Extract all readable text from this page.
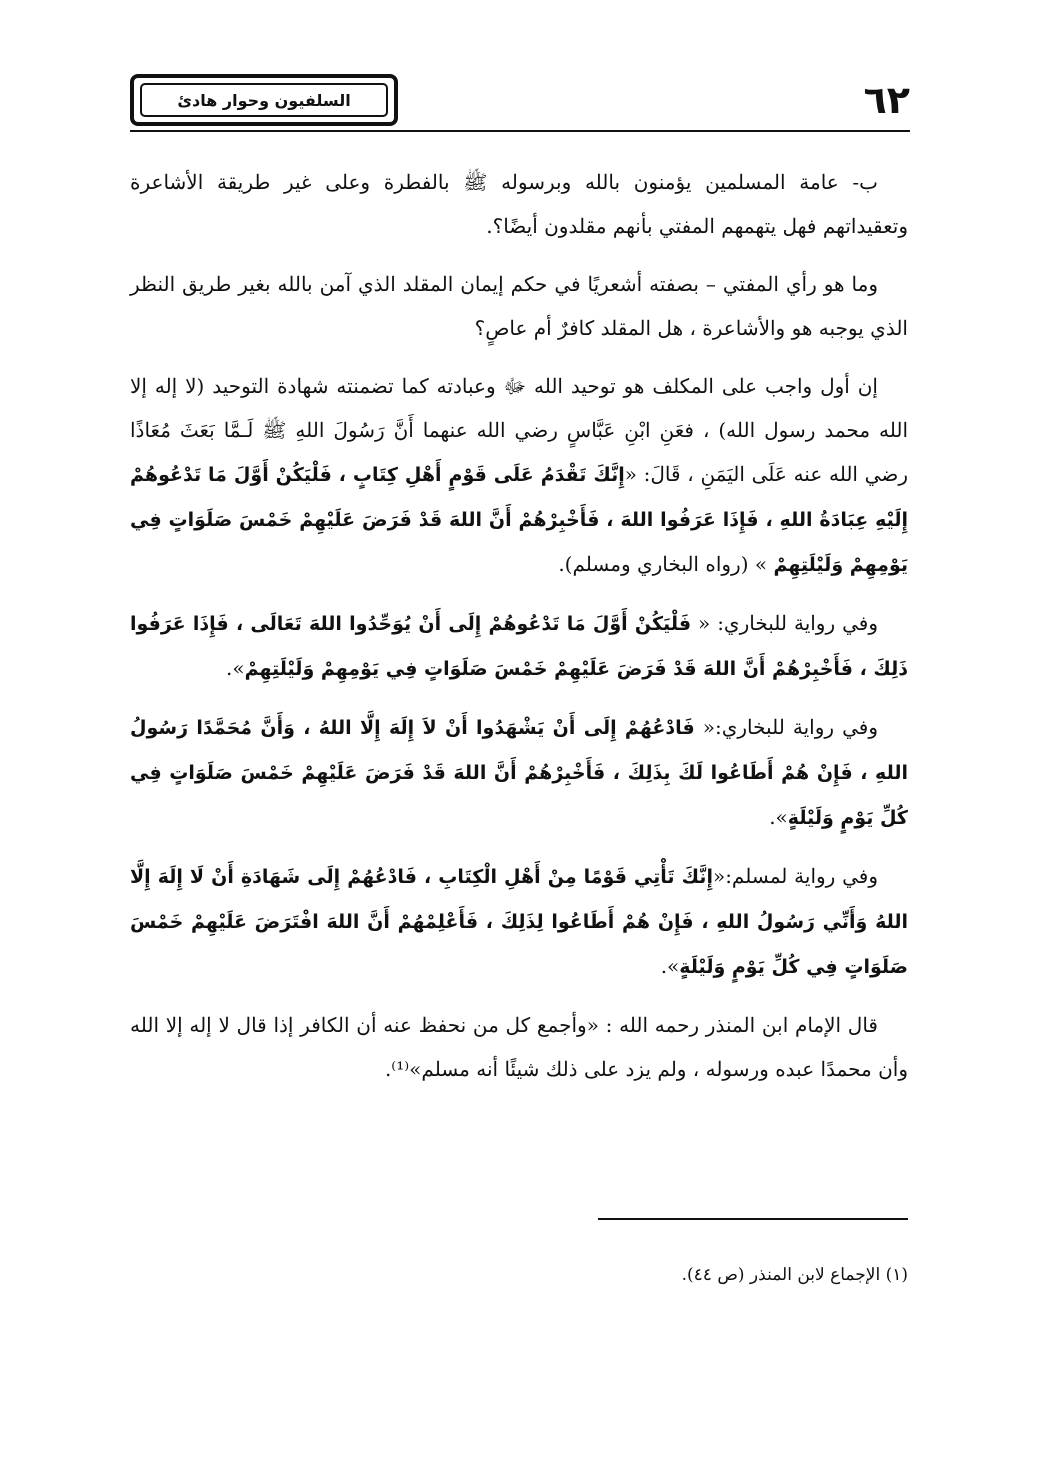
السلفيون وحوار هادئ	٦٢

ب- عامة المسلمين يؤمنون بالله وبرسوله ﷺ بالفطرة وعلى غير طريقة الأشاعرة وتعقيداتهم فهل يتهمهم المفتي بأنهم مقلدون أيضًا؟.

وما هو رأي المفتي – بصفته أشعريًا في حكم إيمان المقلد الذي آمن بالله بغير طريق النظر الذي يوجبه هو والأشاعرة ، هل المقلد كافرٌ أم عاصٍ؟

إن أول واجب على المكلف هو توحيد الله ﷻ وعبادته كما تضمنته شهادة التوحيد (لا إله إلا الله محمد رسول الله) ، فعَنِ ابْنِ عَبَّاسٍ رضي الله عنهما أَنَّ رَسُولَ اللهِ ﷺ لَـمَّا بَعَثَ مُعَاذًا رضي الله عنه عَلَى اليَمَنِ ، قَالَ: «إِنَّكَ تَقْدَمُ عَلَى قَوْمٍ أَهْلِ كِتَابٍ ، فَلْيَكُنْ أَوَّلَ مَا تَدْعُوهُمْ إِلَيْهِ عِبَادَةُ اللهِ ، فَإِذَا عَرَفُوا اللهَ ، فَأَخْبِرْهُمْ أَنَّ اللهَ قَدْ فَرَضَ عَلَيْهِمْ خَمْسَ صَلَوَاتٍ فِي يَوْمِهِمْ وَلَيْلَتِهِمْ » (رواه البخاري ومسلم).

وفي رواية للبخاري: « فَلْيَكُنْ أَوَّلَ مَا تَدْعُوهُمْ إِلَى أَنْ يُوَحِّدُوا اللهَ تَعَالَى ، فَإِذَا عَرَفُوا ذَلِكَ ، فَأَخْبِرْهُمْ أَنَّ اللهَ قَدْ فَرَضَ عَلَيْهِمْ خَمْسَ صَلَوَاتٍ فِي يَوْمِهِمْ وَلَيْلَتِهِمْ».

وفي رواية للبخاري:« فَادْعُهُمْ إِلَى أَنْ يَشْهَدُوا أَنْ لاَ إِلَهَ إِلَّا اللهُ ، وَأَنَّ مُحَمَّدًا رَسُولُ اللهِ ، فَإِنْ هُمْ أَطَاعُوا لَكَ بِذَلِكَ ، فَأَخْبِرْهُمْ أَنَّ اللهَ قَدْ فَرَضَ عَلَيْهِمْ خَمْسَ صَلَوَاتٍ فِي كُلِّ يَوْمٍ وَلَيْلَةٍ».

وفي رواية لمسلم:«إِنَّكَ تَأْتِي قَوْمًا مِنْ أَهْلِ الْكِتَابِ ، فَادْعُهُمْ إِلَى شَهَادَةِ أَنْ لَا إِلَهَ إِلَّا اللهُ وَأَنِّي رَسُولُ اللهِ ، فَإِنْ هُمْ أَطَاعُوا لِذَلِكَ ، فَأَعْلِمْهُمْ أَنَّ اللهَ افْتَرَضَ عَلَيْهِمْ خَمْسَ صَلَوَاتٍ فِي كُلِّ يَوْمٍ وَلَيْلَةٍ».

قال الإمام ابن المنذر رحمه الله : «وأجمع كل من نحفظ عنه أن الكافر إذا قال لا إله إلا الله وأن محمدًا عبده ورسوله ، ولم يزد على ذلك شيئًا أنه مسلم»⁽¹⁾.

(١) الإجماع لابن المنذر (ص ٤٤).
